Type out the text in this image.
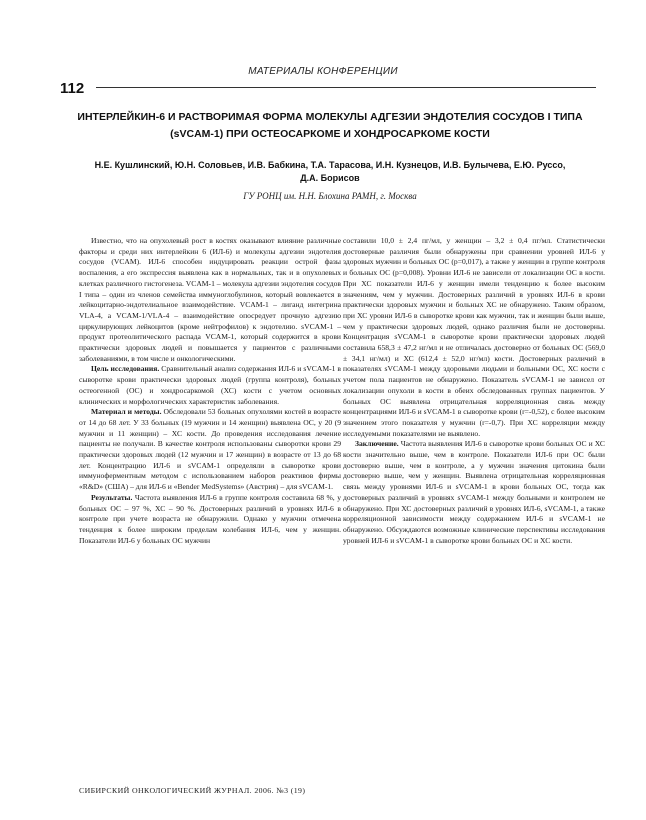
МАТЕРИАЛЫ КОНФЕРЕНЦИИ
112
ИНТЕРЛЕЙКИН-6 И РАСТВОРИМАЯ ФОРМА МОЛЕКУЛЫ АДГЕЗИИ ЭНДОТЕЛИЯ СОСУДОВ I ТИПА
(sVCAM-1) ПРИ ОСТЕОСАРКОМЕ И ХОНДРОСАРКОМЕ КОСТИ
Н.Е. Кушлинский, Ю.Н. Соловьев, И.В. Бабкина, Т.А. Тарасова, И.Н. Кузнецов, И.В. Булычева, Е.Ю. Руссо,
Д.А. Борисов
ГУ РОНЦ им. Н.Н. Блохина РАМН, г. Москва

Известно, что на опухолевый рост в костях оказывают влияние различные факторы и среди них интерлейкин 6 (ИЛ-6) и молекулы адгезии эндотелия сосудов (VCAM). ИЛ-6 способен индуцировать реакции острой фазы воспаления, а его экспрессия выявлена как в нормальных, так и в опухолевых клетках различного гистогенеза. VCAM-1 – молекула адгезии эндотелия сосудов I типа – один из членов семейства иммуноглобулинов, который вовлекается в лейкоцитарно-эндотелиальное взаимодействие. VCAM-1 – лиганд интегрина VLA-4, а VCAM-1/VLA-4 – взаимодействие опосредует прочную адгезию циркулирующих лейкоцитов (кроме нейтрофилов) к эндотелию. sVCAM-1 – продукт протеолитического распада VCAM-1, который содержится в крови практически здоровых людей и повышается у пациентов с различными заболеваниями, в том числе и онкологическими.

Цель исследования. Сравнительный анализ содержания ИЛ-6 и sVCAM-1 в сыворотке крови практически здоровых людей (группа контроля), больных остеогенной (ОС) и хондросаркомой (ХС) кости с учетом основных клинических и морфологических характеристик заболевания.

Материал и методы. Обследовали 53 больных опухолями костей в возрасте от 14 до 68 лет. У 33 больных (19 мужчин и 14 женщин) выявлена ОС, у 20 (9 мужчин и 11 женщин) – ХС кости. До проведения исследования лечение пациенты не получали. В качестве контроля использованы сыворотки крови 29 практически здоровых людей (12 мужчин и 17 женщин) в возрасте от 13 до 68 лет. Концентрацию ИЛ-6 и sVCAM-1 определяли в сыворотке крови иммуноферментным методом с использованием наборов реактивов фирмы «R&D» (США) – для ИЛ-6 и «Bender MedSystems» (Австрия) – для sVCAM-1.

Результаты. Частота выявления ИЛ-6 в группе контроля составила 68 %, у больных ОС – 97 %, ХС – 90 %. Достоверных различий в уровнях ИЛ-6 в контроле при учете возраста не обнаружили. Однако у мужчин отмечена тенденция к более широким пределам колебания ИЛ-6, чем у женщин. Показатели ИЛ-6 у больных ОС мужчин

составили 10,0 ± 2,4 пг/мл, у женщин – 3,2 ± 0,4 пг/мл. Статистически достоверные различия были обнаружены при сравнении уровней ИЛ-6 у здоровых мужчин и больных ОС (p=0,017), а также у женщин в группе контроля и больных ОС (p=0,008). Уровни ИЛ-6 не зависели от локализации ОС в кости. При ХС показатели ИЛ-6 у женщин имели тенденцию к более высоким значениям, чем у мужчин. Достоверных различий в уровнях ИЛ-6 в крови практически здоровых мужчин и больных ХС не обнаружено. Таким образом, при ХС уровни ИЛ-6 в сыворотке крови как мужчин, так и женщин были выше, чем у практически здоровых людей, однако различия были не достоверны. Концентрация sVCAM-1 в сыворотке крови практически здоровых людей составила 658,3 ± 47,2 нг/мл и не отличалась достоверно от больных ОС (569,0 ± 34,1 нг/мл) и ХС (612,4 ± 52,0 нг/мл) кости. Достоверных различий в показателях sVCAM-1 между здоровыми людьми и больными ОС, ХС кости с учетом пола пациентов не обнаружено. Показатель sVCAM-1 не зависел от локализации опухоли в кости в обеих обследованных группах пациентов. У больных ОС выявлена отрицательная корреляционная связь между концентрациями ИЛ-6 и sVCAM-1 в сыворотке крови (r=-0,52), с более высоким значением этого показателя у мужчин (r=-0,7). При ХС корреляции между исследуемыми показателями не выявлено.

Заключение. Частота выявления ИЛ-6 в сыворотке крови больных ОС и ХС кости значительно выше, чем в контроле. Показатели ИЛ-6 при ОС были достоверно выше, чем в контроле, а у мужчин значения цитокина были достоверно выше, чем у женщин. Выявлена отрицательная корреляционная связь между уровнями ИЛ-6 и sVCAM-1 в крови больных ОС, тогда как достоверных различий в уровнях sVCAM-1 между больными и контролем не обнаружено. При ХС достоверных различий в уровнях ИЛ-6, sVCAM-1, а также корреляционной зависимости между содержанием ИЛ-6 и sVCAM-1 не обнаружено. Обсуждаются возможные клинические перспективы исследования уровней ИЛ-6 и sVCAM-1 в сыворотке крови больных ОС и ХС кости.

СИБИРСКИЙ ОНКОЛОГИЧЕСКИЙ ЖУРНАЛ. 2006. №3 (19)
